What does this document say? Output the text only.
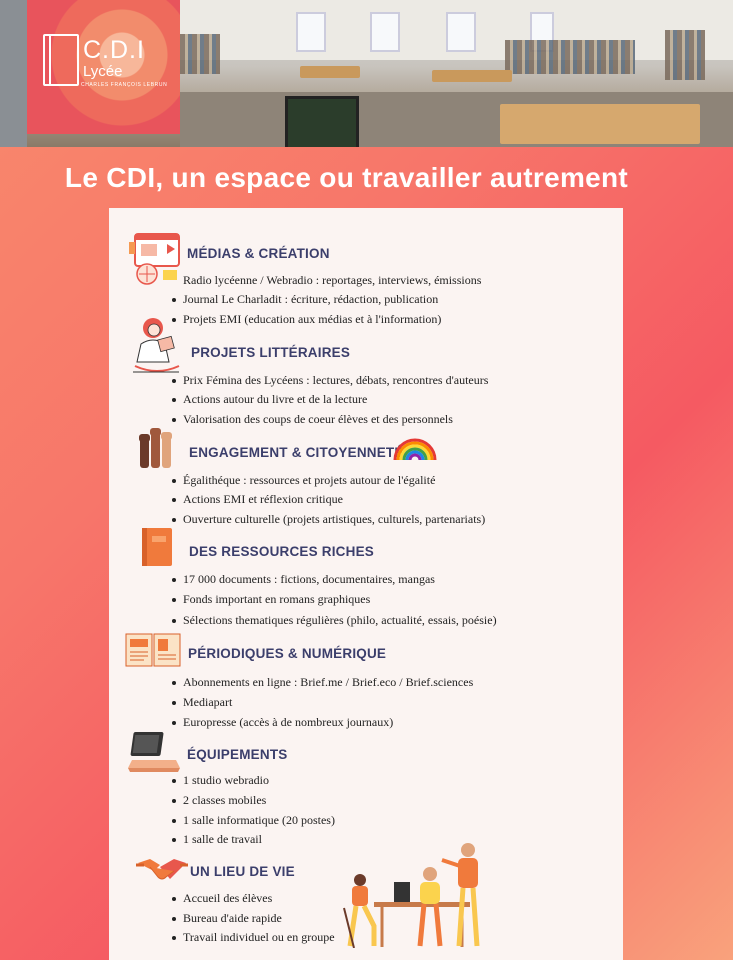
C.D.I
Lycée
CHARLES FRANÇOIS LEBRUN
Le CDI, un espace ou travailler autrement
MÉDIAS & CRÉATION
Radio lycéenne / Webradio : reportages, interviews, émissions
Journal Le Charladit : écriture, rédaction, publication
Projets EMI (education aux médias et à l'information)
PROJETS LITTÉRAIRES
Prix Fémina des Lycéens : lectures, débats, rencontres d'auteurs
Actions autour du livre et de la lecture
Valorisation des coups de coeur élèves et des personnels
ENGAGEMENT & CITOYENNETÉ
Égalithéque : ressources et projets autour de l'égalité
Actions EMI et réflexion critique
Ouverture culturelle (projets artistiques, culturels, partenariats)
DES RESSOURCES RICHES
17 000 documents : fictions, documentaires, mangas
Fonds important en romans graphiques
Sélections thematiques régulières (philo, actualité, essais, poésie)
PÉRIODIQUES & NUMÉRIQUE
Abonnements en ligne : Brief.me / Brief.eco / Brief.sciences
Mediapart
Europresse (accès à de nombreux journaux)
ÉQUIPEMENTS
1 studio webradio
2 classes mobiles
1 salle informatique (20 postes)
1 salle de travail
UN LIEU DE VIE
Accueil des élèves
Bureau d'aide rapide
Travail individuel ou en groupe
